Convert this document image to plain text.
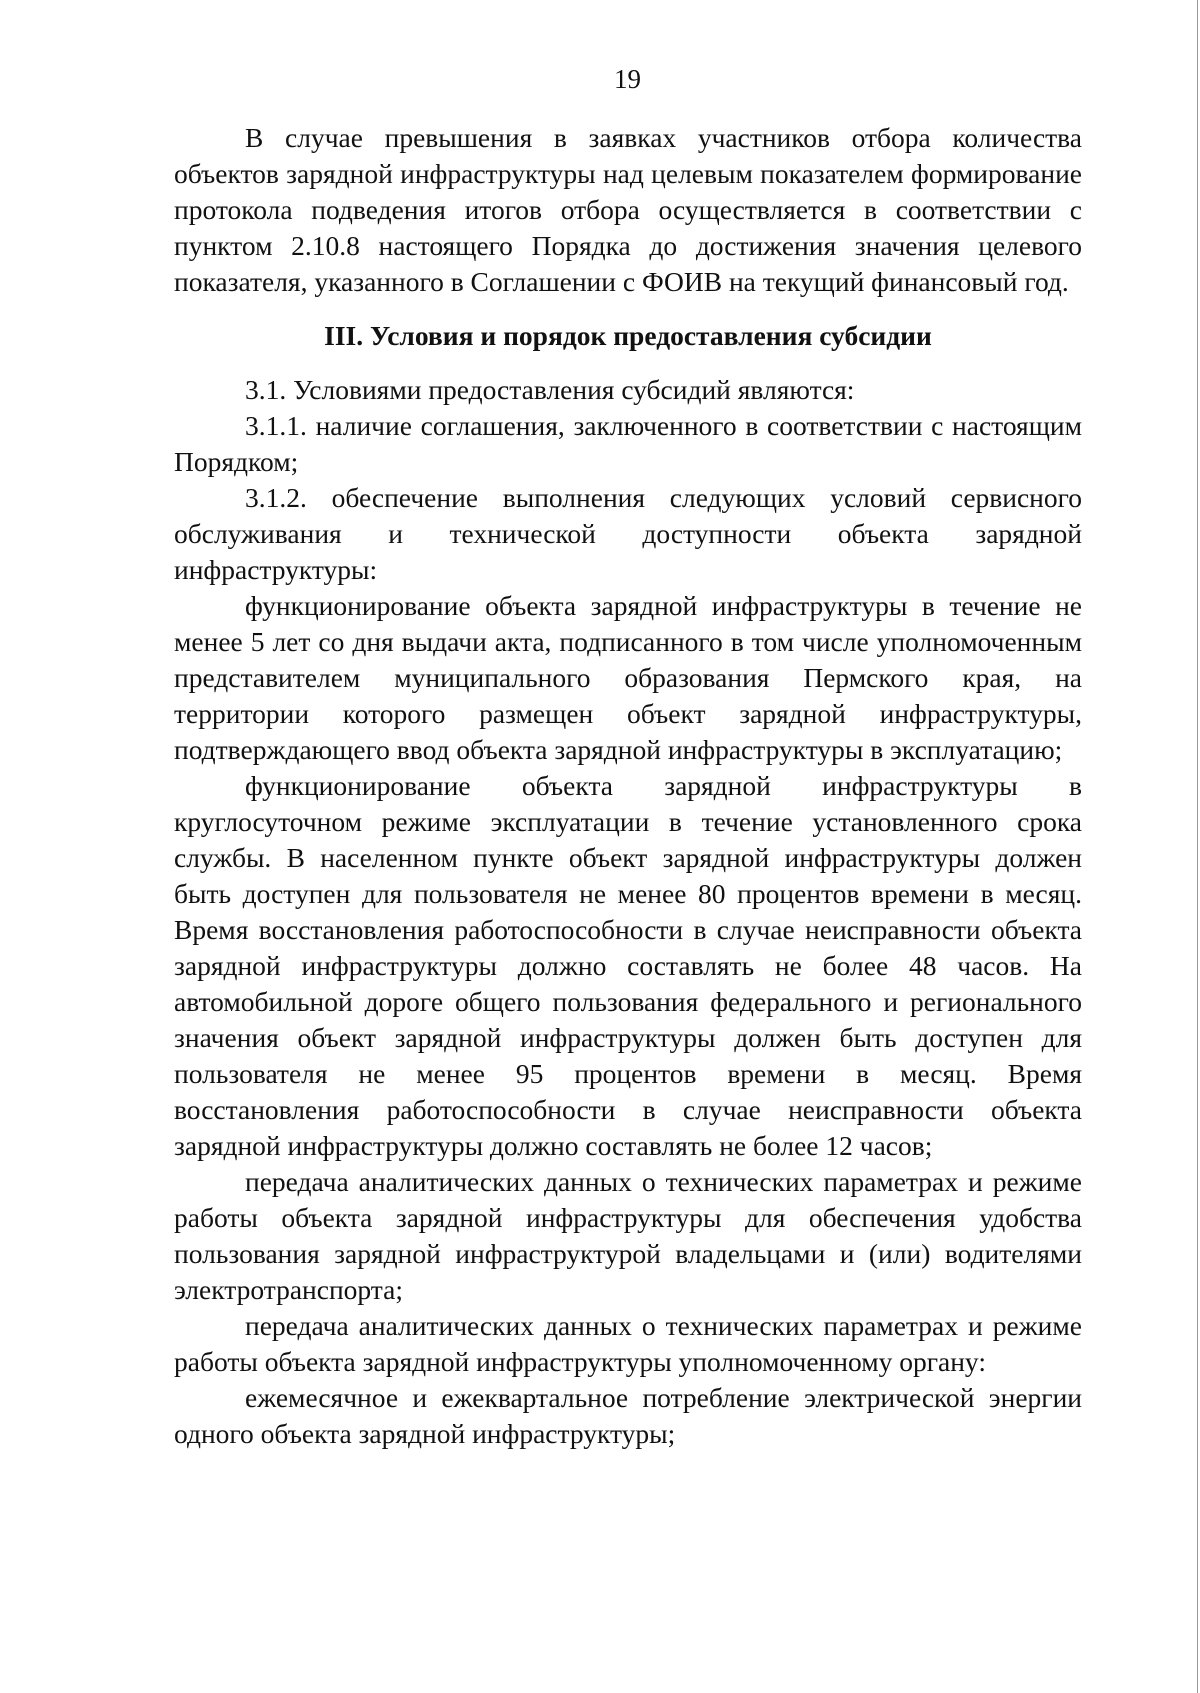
19

В случае превышения в заявках участников отбора количества объектов зарядной инфраструктуры над целевым показателем формирование протокола подведения итогов отбора осуществляется в соответствии с пунктом 2.10.8 настоящего Порядка до достижения значения целевого показателя, указанного в Соглашении с ФОИВ на текущий финансовый год.

III. Условия и порядок предоставления субсидии

3.1. Условиями предоставления субсидий являются:

3.1.1. наличие соглашения, заключенного в соответствии с настоящим Порядком;

3.1.2. обеспечение выполнения следующих условий сервисного обслуживания и технической доступности объекта зарядной инфраструктуры:

функционирование объекта зарядной инфраструктуры в течение не менее 5 лет со дня выдачи акта, подписанного в том числе уполномоченным представителем муниципального образования Пермского края, на территории которого размещен объект зарядной инфраструктуры, подтверждающего ввод объекта зарядной инфраструктуры в эксплуатацию;

функционирование объекта зарядной инфраструктуры в круглосуточном режиме эксплуатации в течение установленного срока службы. В населенном пункте объект зарядной инфраструктуры должен быть доступен для пользователя не менее 80 процентов времени в месяц. Время восстановления работоспособности в случае неисправности объекта зарядной инфраструктуры должно составлять не более 48 часов. На автомобильной дороге общего пользования федерального и регионального значения объект зарядной инфраструктуры должен быть доступен для пользователя не менее 95 процентов времени в месяц. Время восстановления работоспособности в случае неисправности объекта зарядной инфраструктуры должно составлять не более 12 часов;

передача аналитических данных о технических параметрах и режиме работы объекта зарядной инфраструктуры для обеспечения удобства пользования зарядной инфраструктурой владельцами и (или) водителями электротранспорта;

передача аналитических данных о технических параметрах и режиме работы объекта зарядной инфраструктуры уполномоченному органу:

ежемесячное и ежеквартальное потребление электрической энергии одного объекта зарядной инфраструктуры;
